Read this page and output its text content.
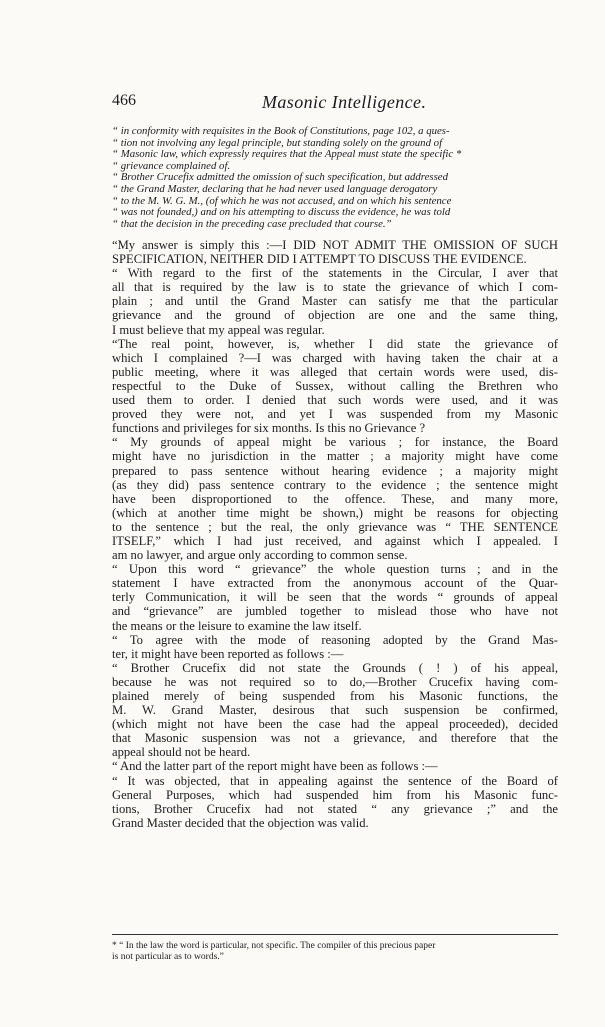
466	Masonic Intelligence.
“ in conformity with requisites in the Book of Constitutions, page 102, a ques-
“ tion not involving any legal principle, but standing solely on the ground of
“ Masonic law, which expressly requires that the Appeal must state the specific *
“ grievance complained of.
“ Brother Crucefix admitted the omission of such specification, but addressed
“ the Grand Master, declaring that he had never used language derogatory
“ to the M. W. G. M., (of which he was not accused, and on which his sentence
“ was not founded,) and on his attempting to discuss the evidence, he was told
“ that the decision in the preceding case precluded that course.”
“My answer is simply this :—I DID NOT ADMIT THE OMISSION OF SUCH
SPECIFICATION, NEITHER DID I ATTEMPT TO DISCUSS THE EVIDENCE.
“ With regard to the first of the statements in the Circular, I aver that
all that is required by the law is to state the grievance of which I com-
plain ; and until the Grand Master can satisfy me that the particular
grievance and the ground of objection are one and the same thing,
I must believe that my appeal was regular.
“The real point, however, is, whether I did state the grievance of
which I complained ?—I was charged with having taken the chair at a
public meeting, where it was alleged that certain words were used, dis-
respectful to the Duke of Sussex, without calling the Brethren who
used them to order. I denied that such words were used, and it was
proved they were not, and yet I was suspended from my Masonic
functions and privileges for six months. Is this no Grievance ?
“ My grounds of appeal might be various ; for instance, the Board
might have no jurisdiction in the matter ; a majority might have come
prepared to pass sentence without hearing evidence ; a majority might
(as they did) pass sentence contrary to the evidence ; the sentence might
have been disproportioned to the offence. These, and many more,
(which at another time might be shown,) might be reasons for objecting
to the sentence ; but the real, the only grievance was “ THE SENTENCE
ITSELF,” which I had just received, and against which I appealed. I
am no lawyer, and argue only according to common sense.
“ Upon this word “ grievance” the whole question turns ; and in the
statement I have extracted from the anonymous account of the Quar-
terly Communication, it will be seen that the words “ grounds of appeal
and “grievance” are jumbled together to mislead those who have not
the means or the leisure to examine the law itself.
“ To agree with the mode of reasoning adopted by the Grand Mas-
ter, it might have been reported as follows :—
“ Brother Crucefix did not state the Grounds ( ! ) of his appeal,
because he was not required so to do,—Brother Crucefix having com-
plained merely of being suspended from his Masonic functions, the
M. W. Grand Master, desirous that such suspension be confirmed,
(which might not have been the case had the appeal proceeded), decided
that Masonic suspension was not a grievance, and therefore that the
appeal should not be heard.
“ And the latter part of the report might have been as follows :—
“ It was objected, that in appealing against the sentence of the Board of
General Purposes, which had suspended him from his Masonic func-
tions, Brother Crucefix had not stated “ any grievance ;” and the
Grand Master decided that the objection was valid.
* “ In the law the word is particular, not specific. The compiler of this precious paper
is not particular as to words.”
